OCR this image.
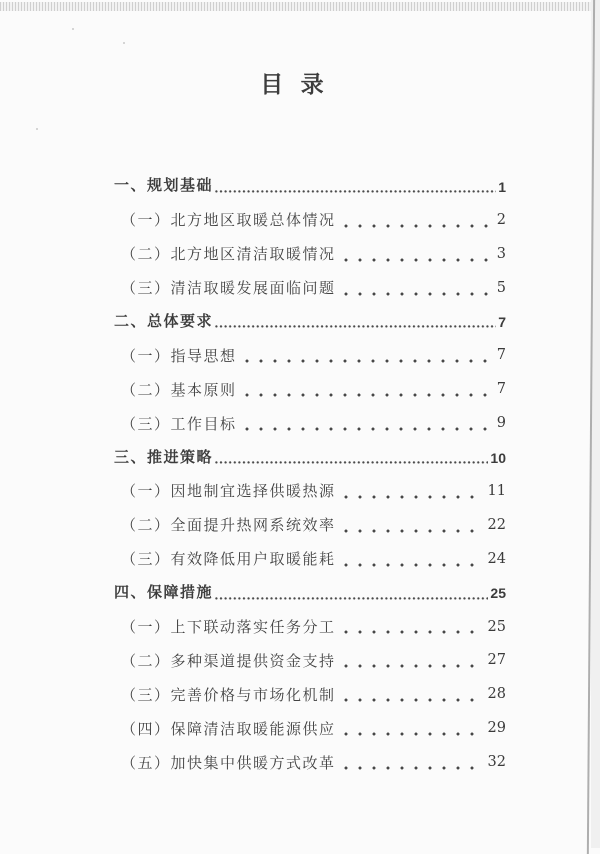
目 录
一、规划基础	1
（一）北方地区取暖总体情况	2
（二）北方地区清洁取暖情况	3
（三）清洁取暖发展面临问题	5
二、总体要求	7
（一）指导思想	7
（二）基本原则	7
（三）工作目标	9
三、推进策略	10
（一）因地制宜选择供暖热源	11
（二）全面提升热网系统效率	22
（三）有效降低用户取暖能耗	24
四、保障措施	25
（一）上下联动落实任务分工	25
（二）多种渠道提供资金支持	27
（三）完善价格与市场化机制	28
（四）保障清洁取暖能源供应	29
（五）加快集中供暖方式改革	32
